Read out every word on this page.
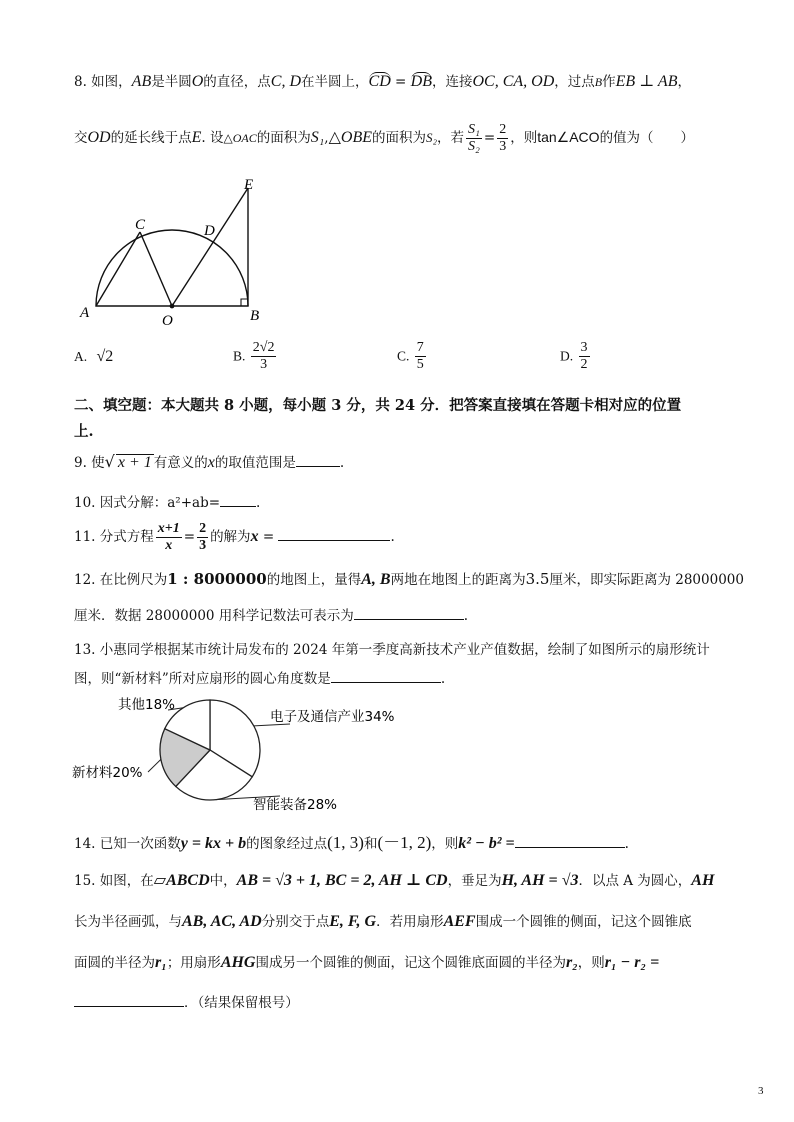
8. 如图，AB是半圆O的直径，点C, D在半圆上，CD = DB，连接OC, CA, OD，过点B作EB ⊥ AB，
交OD的延长线于点E. 设△OAC的面积为S₁,△OBE的面积为S₂，若 $\frac{\text{S₁}}{\text{S₂}} = \frac{2}{3}$ ，则tan∠ACO的值为（　　）
A	O	B
C	D
E
A. √2	B. $\frac{2√2}{3}$	C. $\frac{7}{5}$	D. $\frac{3}{2}$
二、填空题：本大题共 8 小题，每小题 3 分，共 24 分．把答案直接填在答题卡相对应的位置
上.
9. 使√ x + 1 有意义的x的取值范围是	.
10. 因式分解：a²+ab=	.
11. 分式方程 $\frac{x+1}{x} = \frac{2}{3}$ 的解为x =	.
12. 在比例尺为1 : 8000000的地图上，量得A, B两地在地图上的距离为3.5厘米，即实际距离为 28000000
厘米．数据 28000000 用科学记数法可表示为	.
13. 小惠同学根据某市统计局发布的 2024 年第一季度高新技术产业产值数据，绘制了如图所示的扇形统计
图，则“新材料”所对应扇形的圆心角度数是	.
其他18%
电子及通信产业34%
新材料20%
智能装备28%
14. 已知一次函数y = kx + b的图象经过点(1, 3)和(－1, 2)，则k² − b² =	.
15. 如图，在▱ABCD中，AB = √3 + 1, BC = 2, AH ⊥ CD，垂足为H, AH = √3．以点 A 为圆心，AH
长为半径画弧，与AB, AC, AD分别交于点E, F, G．若用扇形AEF围成一个圆锥的侧面，记这个圆锥底
面圆的半径为r₁；用扇形AHG围成另一个圆锥的侧面，记这个圆锥底面圆的半径为r₂，则r₁ − r₂ =
．（结果保留根号）
3
